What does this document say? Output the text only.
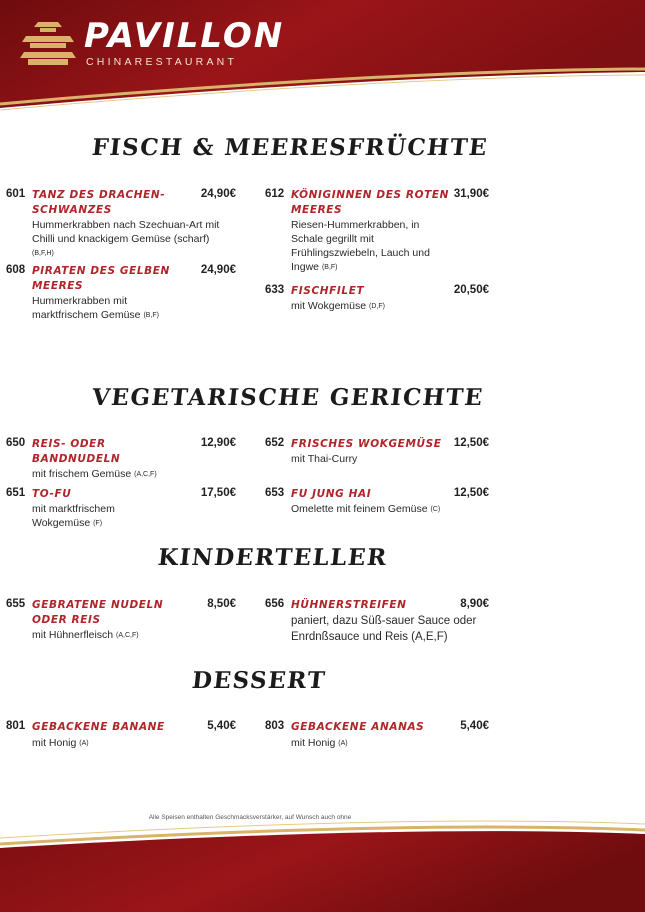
PAVILLON
CHINARESTAURANT
FISCH & MEERESFRÜCHTE
601 TANZ DES DRACHEN- SCHWANZES
24,90€
Hummerkrabben nach Szechuan-Art mit Chilli und knackigem Gemüse (scharf) (B,F,H)
608 PIRATEN DES GELBEN MEERES
24,90€
Hummerkrabben mit marktfrischem Gemüse (B,F)
612 KÖNIGINNEN DES ROTEN MEERES
31,90€
Riesen-Hummerkrabben, in Schale gegrillt mit Frühlingszwiebeln, Lauch und Ingwe (B,F)
633 FISCHFILET	20,50€
mit Wokgemüse (D,F)
VEGETARISCHE GERICHTE
650 REIS- ODER BANDNUDELN
12,90€
mit frischem Gemüse (A,C,F)
651 TO-FU	17,50€
mit marktfrischem Wokgemüse (F)
652 FRISCHES WOKGEMÜSE	12,50€
mit Thai-Curry
653 FU JUNG HAI	12,50€
Omelette mit feinem Gemüse (C)
KINDERTELLER
655 GEBRATENE NUDELN ODER REIS
8,50€
mit Hühnerfleisch (A,C,F)
656 HÜHNERSTREIFEN	8,90€
paniert, dazu Süß-sauer Sauce oder Enrdnßsauce und Reis (A,E,F)
DESSERT
801 GEBACKENE BANANE	5,40€
mit Honig (A)
803 GEBACKENE ANANAS	5,40€
mit Honig (A)
Alle Speisen enthalten Geschmacksverstärker, auf Wunsch auch ohne
